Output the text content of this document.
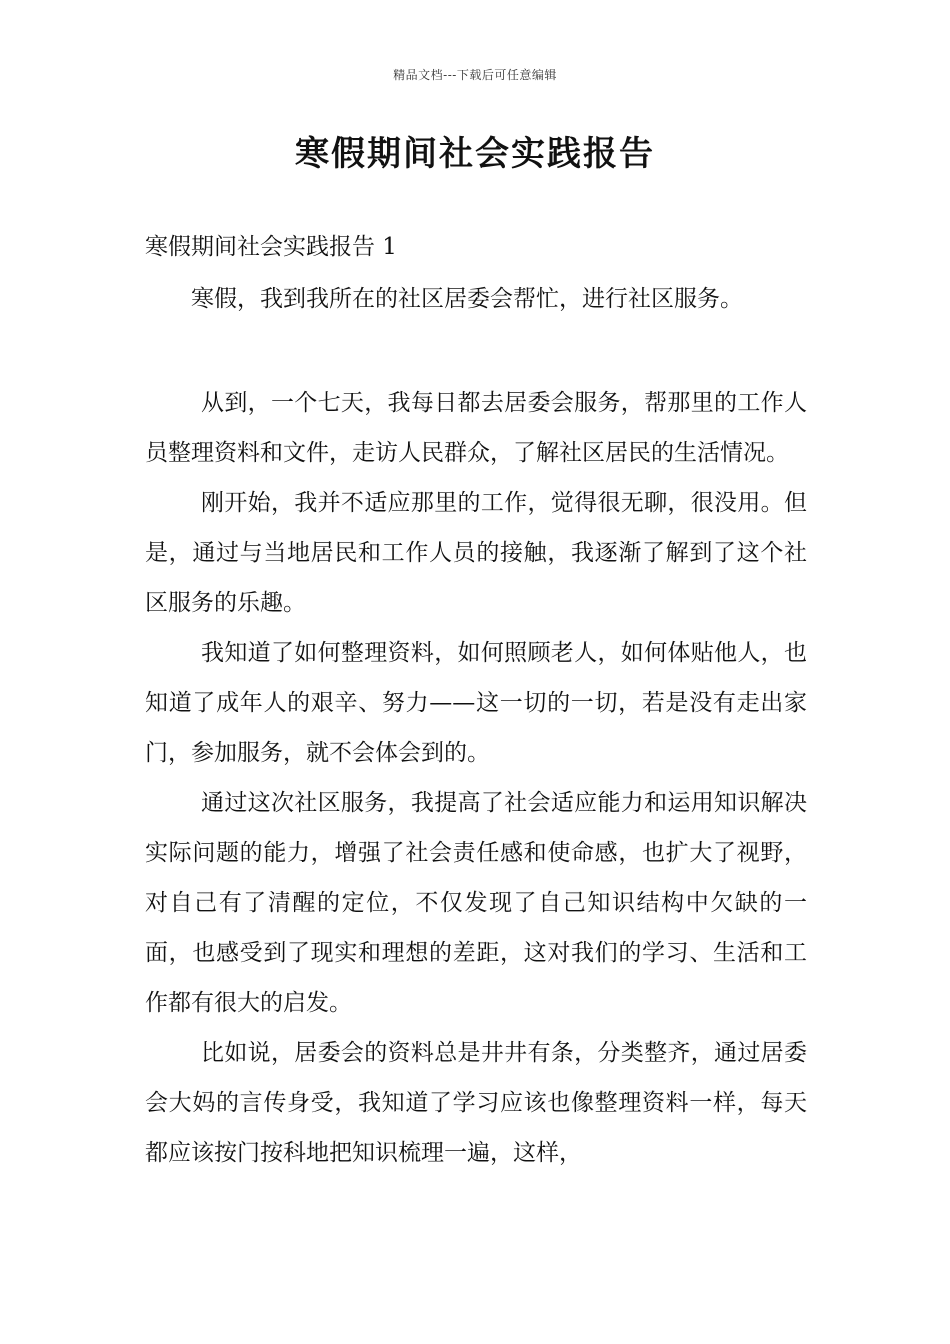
精品文档---下载后可任意编辑
寒假期间社会实践报告

寒假期间社会实践报告 1

寒假，我到我所在的社区居委会帮忙，进行社区服务。

从到，一个七天，我每日都去居委会服务，帮那里的工作人员整理资料和文件，走访人民群众，了解社区居民的生活情况。

刚开始，我并不适应那里的工作，觉得很无聊，很没用。但是，通过与当地居民和工作人员的接触，我逐渐了解到了这个社区服务的乐趣。

我知道了如何整理资料，如何照顾老人，如何体贴他人，也知道了成年人的艰辛、努力——这一切的一切，若是没有走出家门，参加服务，就不会体会到的。

通过这次社区服务，我提高了社会适应能力和运用知识解决实际问题的能力，增强了社会责任感和使命感，也扩大了视野，对自己有了清醒的定位，不仅发现了自己知识结构中欠缺的一面，也感受到了现实和理想的差距，这对我们的学习、生活和工作都有很大的启发。

比如说，居委会的资料总是井井有条，分类整齐，通过居委会大妈的言传身受，我知道了学习应该也像整理资料一样，每天都应该按门按科地把知识梳理一遍，这样，
